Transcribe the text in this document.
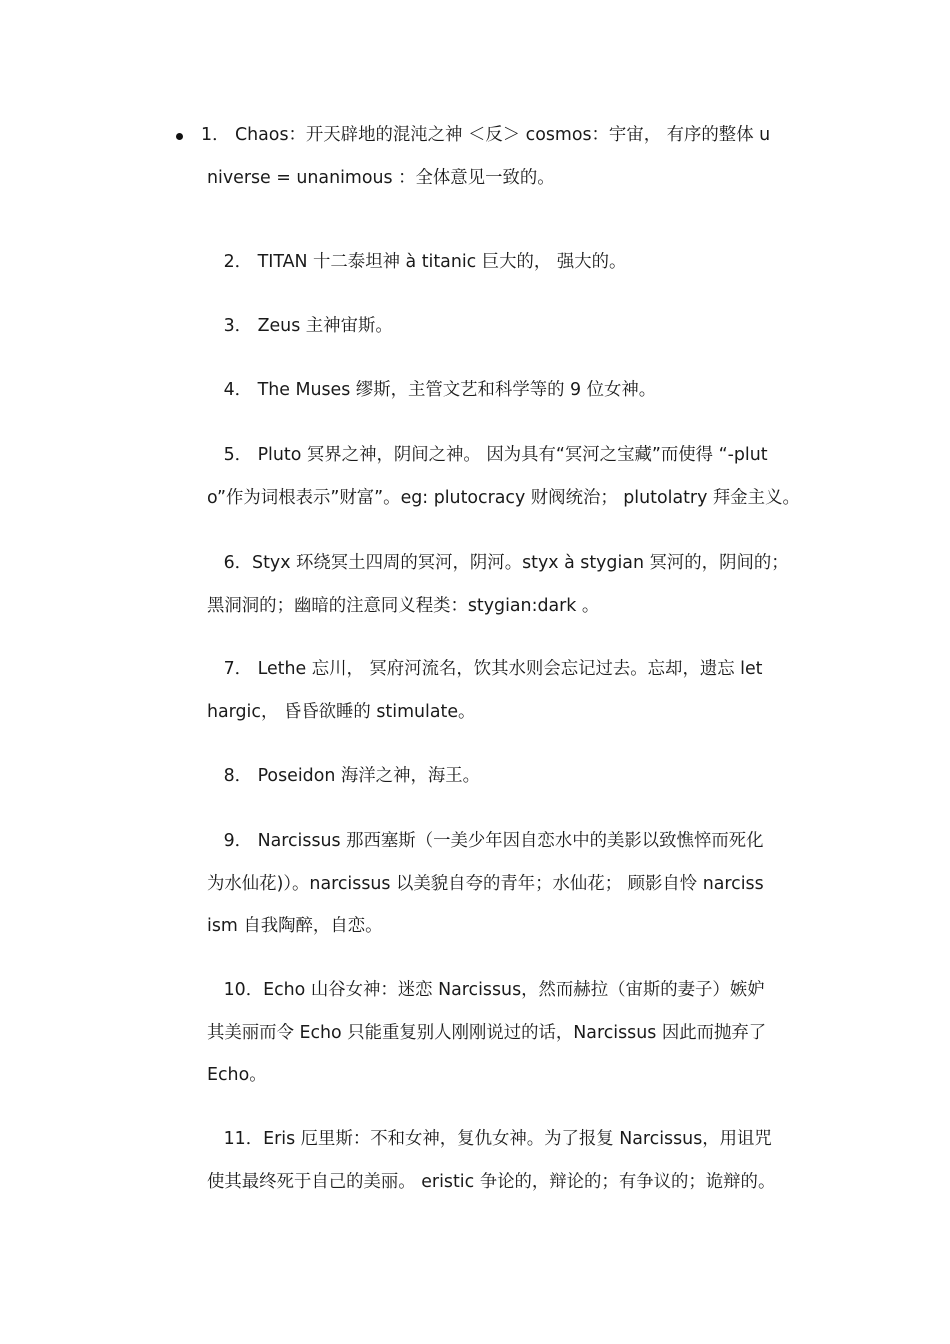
1． Chaos：开天辟地的混沌之神 ＜反＞ cosmos：宇宙， 有序的整体 u
niverse = unanimous ：全体意见一致的。

2． TITAN 十二泰坦神 à titanic 巨大的， 强大的。

3． Zeus 主神宙斯。

4． The Muses 缪斯，主管文艺和科学等的 9 位女神。

5． Pluto 冥界之神，阴间之神。 因为具有“冥河之宝藏”而使得 “-plut
o”作为词根表示”财富”。eg: plutocracy 财阀统治； plutolatry 拜金主义。

6．Styx 环绕冥土四周的冥河，阴河。styx à stygian 冥河的，阴间的；
黑洞洞的；幽暗的注意同义程类：stygian:dark 。

7． Lethe 忘川， 冥府河流名，饮其水则会忘记过去。忘却，遗忘 let
hargic， 昏昏欲睡的 stimulate。

8． Poseidon 海洋之神，海王。

9． Narcissus 那西塞斯（一美少年因自恋水中的美影以致憔悴而死化
为水仙花)）。narcissus 以美貌自夸的青年；水仙花； 顾影自怜 narciss
ism 自我陶醉，自恋。

10．Echo 山谷女神：迷恋 Narcissus，然而赫拉（宙斯的妻子）嫉妒
其美丽而令 Echo 只能重复别人刚刚说过的话，Narcissus 因此而抛弃了
Echo。

11．Eris 厄里斯：不和女神，复仇女神。为了报复 Narcissus，用诅咒
使其最终死于自己的美丽。 eristic 争论的，辩论的；有争议的；诡辩的。
